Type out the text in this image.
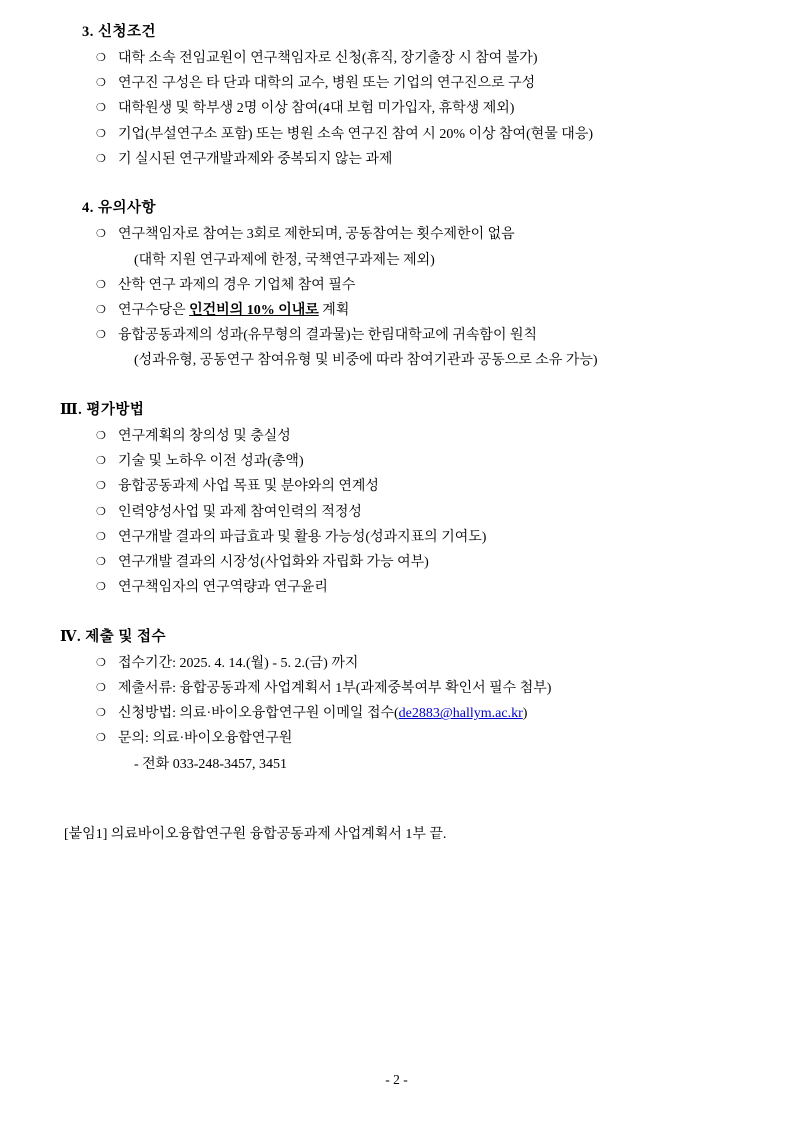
3. 신청조건
❍ 대학 소속 전임교원이 연구책임자로 신청(휴직, 장기출장 시 참여 불가)
❍ 연구진 구성은 타 단과 대학의 교수, 병원 또는 기업의 연구진으로 구성
❍ 대학원생 및 학부생 2명 이상 참여(4대 보험 미가입자, 휴학생 제외)
❍ 기업(부설연구소 포함) 또는 병원 소속 연구진 참여 시 20% 이상 참여(현물 대응)
❍ 기 실시된 연구개발과제와 중복되지 않는 과제
4. 유의사항
❍ 연구책임자로 참여는 3회로 제한되며, 공동참여는 횟수제한이 없음
(대학 지원 연구과제에 한정, 국책연구과제는 제외)
❍ 산학 연구 과제의 경우 기업체 참여 필수
❍ 연구수당은 인건비의 10% 이내로 계획
❍ 융합공동과제의 성과(유무형의 결과물)는 한림대학교에 귀속함이 원칙
(성과유형, 공동연구 참여유형 및 비중에 따라 참여기관과 공동으로 소유 가능)
Ⅲ. 평가방법
❍ 연구계획의 창의성 및 충실성
❍ 기술 및 노하우 이전 성과(총액)
❍ 융합공동과제 사업 목표 및 분야와의 연계성
❍ 인력양성사업 및 과제 참여인력의 적정성
❍ 연구개발 결과의 파급효과 및 활용 가능성(성과지표의 기여도)
❍ 연구개발 결과의 시장성(사업화와 자립화 가능 여부)
❍ 연구책임자의 연구역량과 연구윤리
Ⅳ. 제출 및 접수
❍ 접수기간: 2025. 4. 14.(월) - 5. 2.(금) 까지
❍ 제출서류: 융합공동과제 사업계획서 1부(과제중복여부 확인서 필수 첨부)
❍ 신청방법: 의료·바이오융합연구원 이메일 접수(de2883@hallym.ac.kr)
❍ 문의: 의료·바이오융합연구원
- 전화 033-248-3457, 3451
[붙임1] 의료바이오융합연구원 융합공동과제 사업계획서 1부 끝.
- 2 -
